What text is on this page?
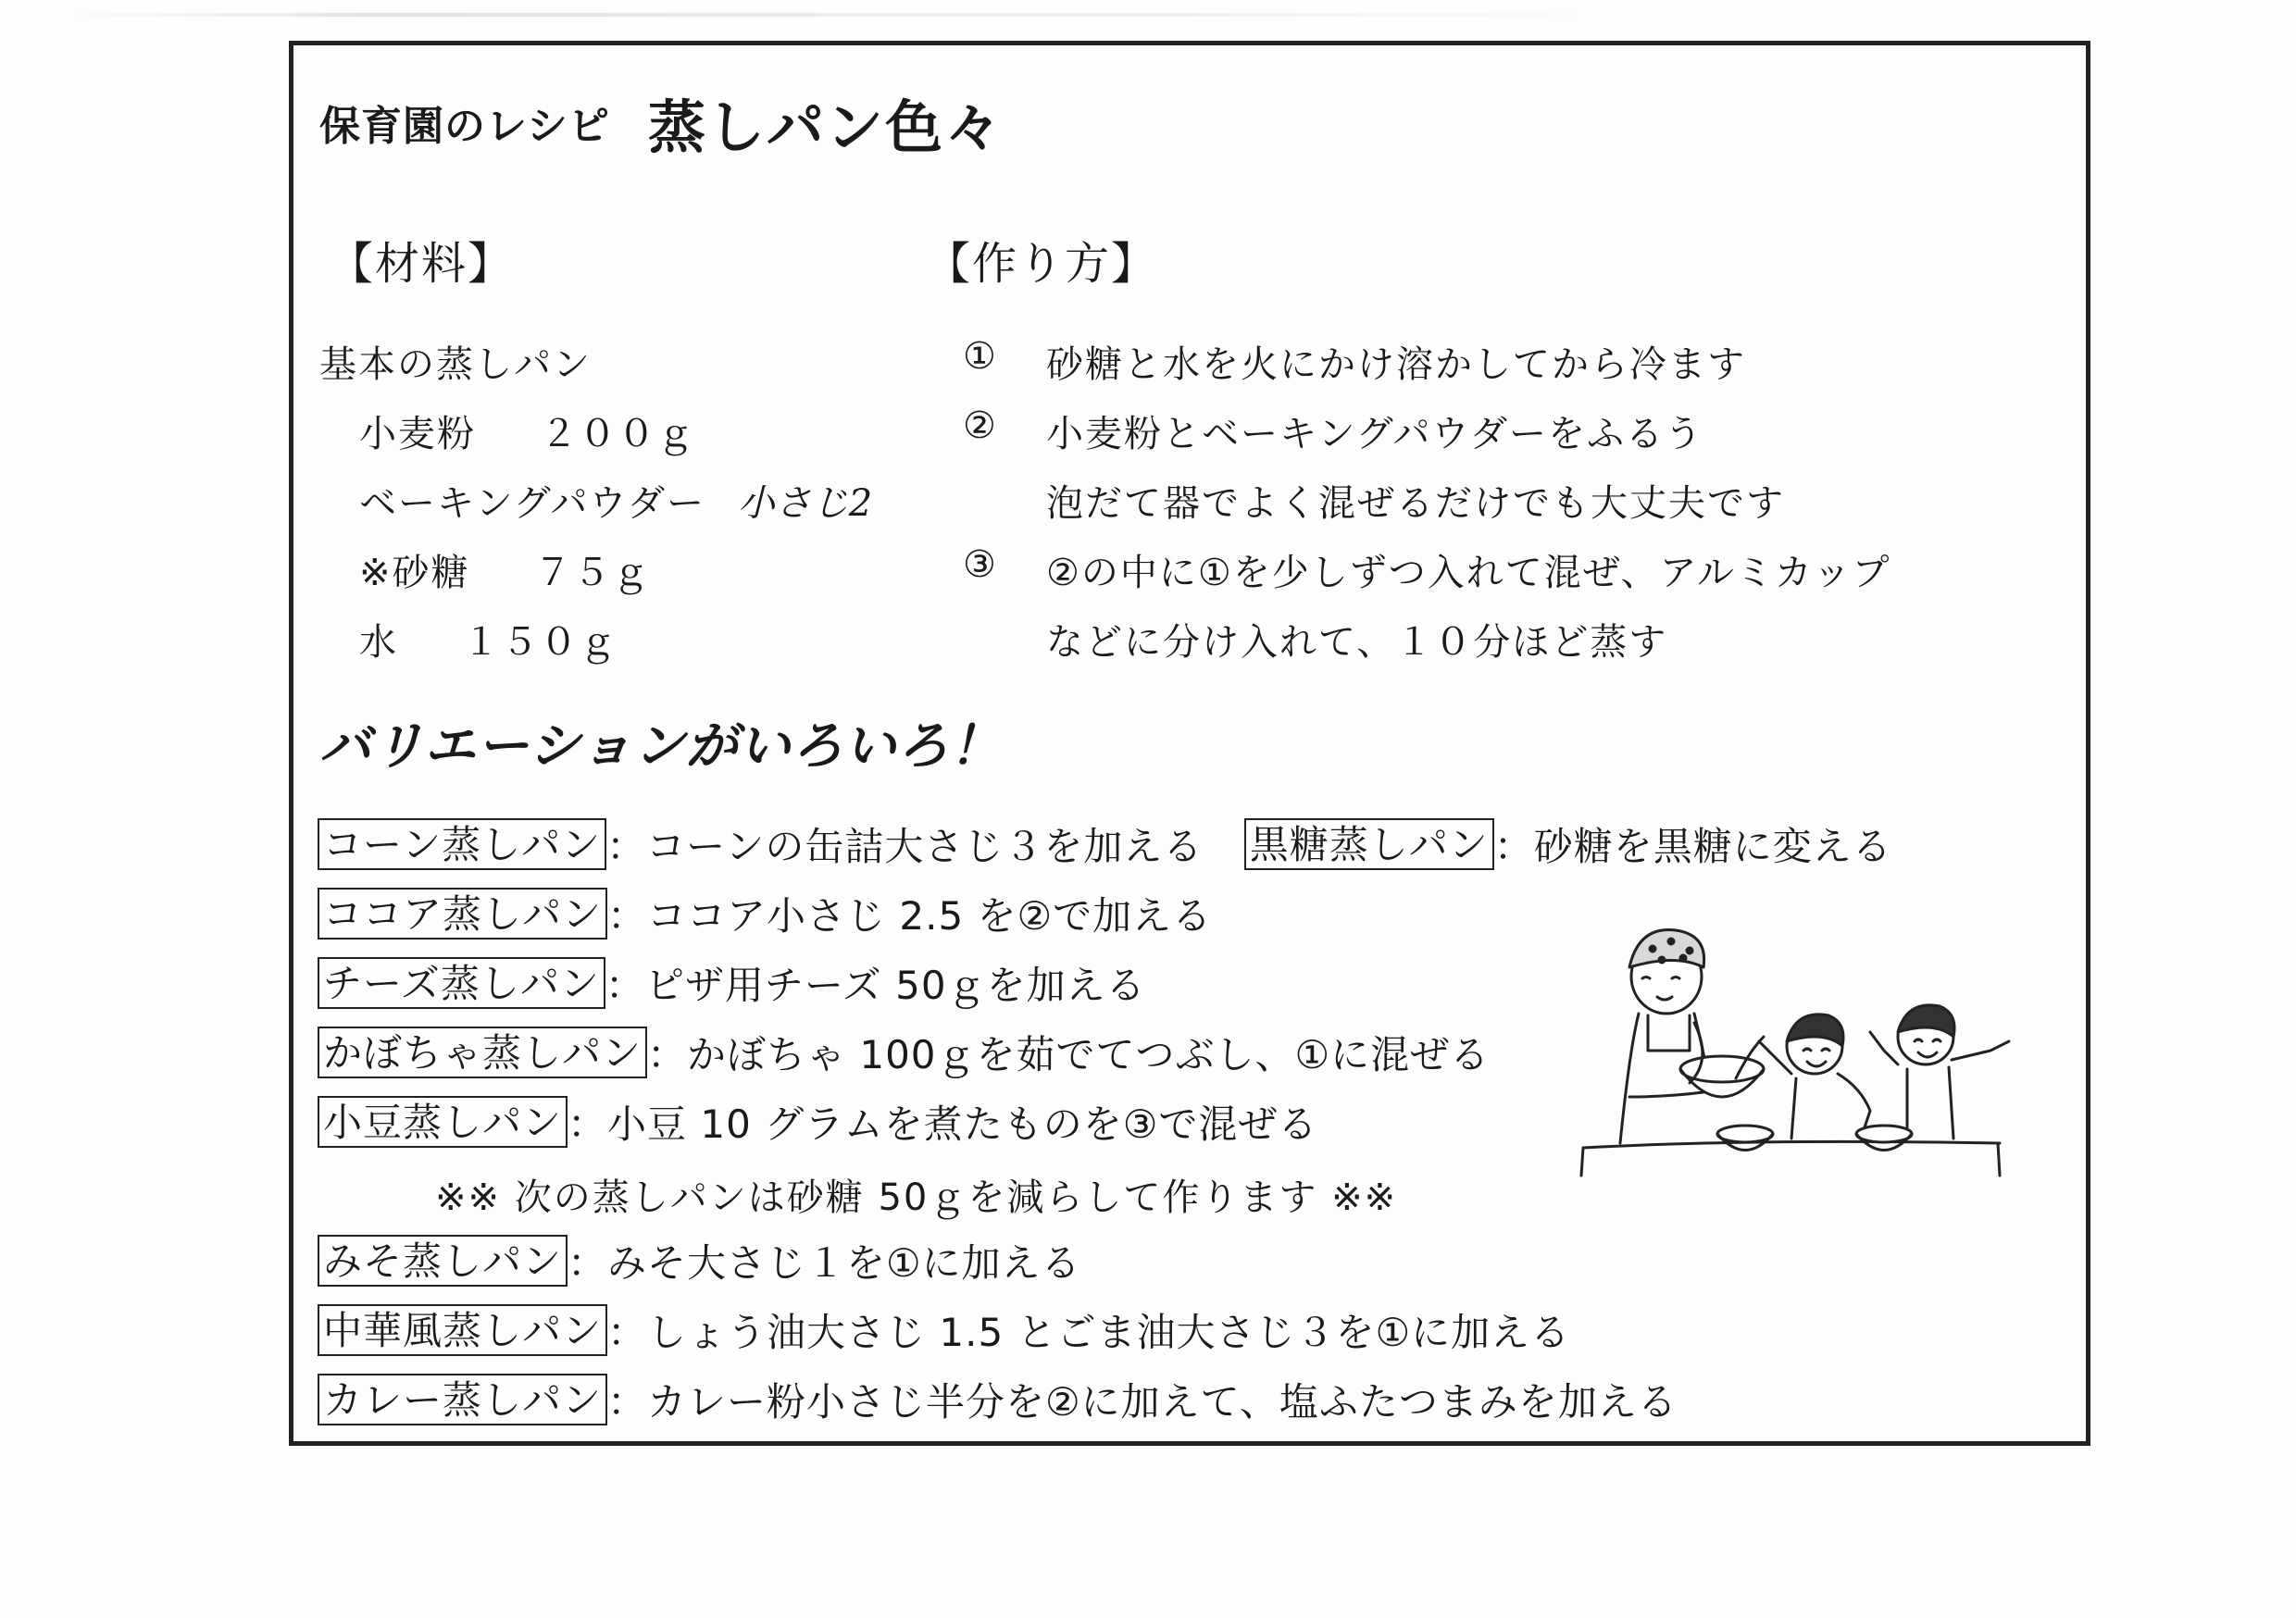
保育園のレシピ 蒸しパン色々
【材料】
基本の蒸しパン
小麦粉 ２００ｇ
ベーキングパウダー 小さじ2
※砂糖 ７５ｇ
水 １５０ｇ
【作り方】
① 砂糖と水を火にかけ溶かしてから冷ます
② 小麦粉とベーキングパウダーをふるう
泡だて器でよく混ぜるだけでも大丈夫です
③ ②の中に①を少しずつ入れて混ぜ、アルミカップ
などに分け入れて、１０分ほど蒸す
バリエーションがいろいろ！
コーン蒸しパン ：コーンの缶詰大さじ３を加える 黒糖蒸しパン ：砂糖を黒糖に変える
ココア蒸しパン ：ココア小さじ 2.5 を②で加える
チーズ蒸しパン ：ピザ用チーズ 50ｇを加える
かぼちゃ蒸しパン ：かぼちゃ 100ｇを茹でてつぶし、①に混ぜる
小豆蒸しパン ：小豆 10 グラムを煮たものを③で混ぜる
※※ 次の蒸しパンは砂糖 50ｇを減らして作ります ※※
みそ蒸しパン ：みそ大さじ１を①に加える
中華風蒸しパン ：しょう油大さじ 1.5 とごま油大さじ３を①に加える
カレー蒸しパン ：カレー粉小さじ半分を②に加えて、塩ふたつまみを加える
